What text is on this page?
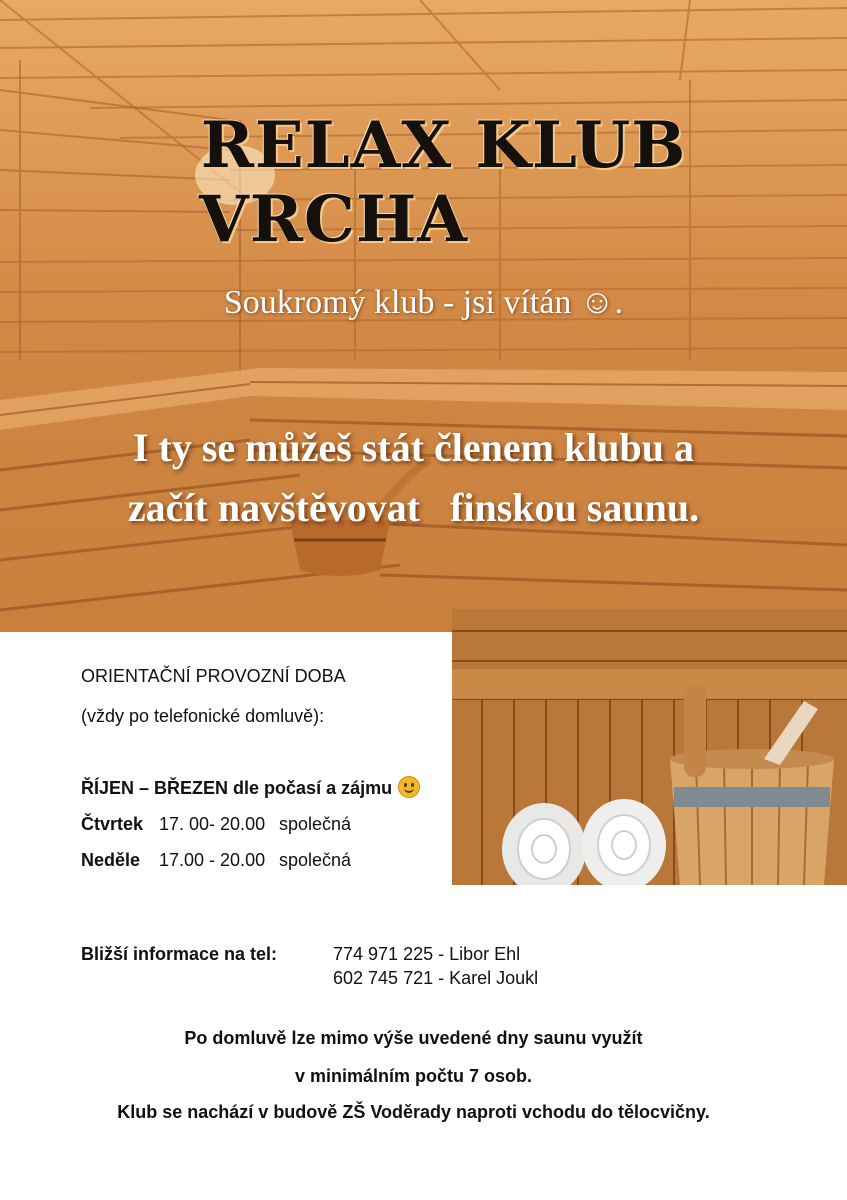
RELAX KLUB
VRCHA
Soukromý klub - jsi vítán ☺.
I ty se můžeš stát členem klubu a
začít navštěvovat   finskou saunu.
ORIENTAČNÍ PROVOZNÍ DOBA
(vždy po telefonické domluvě):
ŘÍJEN – BŘEZEN dle počasí a zájmu
Čtvrtek 17. 00- 20.00 společná
Neděle 17.00 - 20.00 společná
Bližší informace na tel:	774 971 225 - Libor Ehl
602 745 721 - Karel Joukl
Po domluvě lze mimo výše uvedené dny saunu využít
v minimálním počtu 7 osob.
Klub se nachází v budově ZŠ Voděrady naproti vchodu do tělocvičny.
